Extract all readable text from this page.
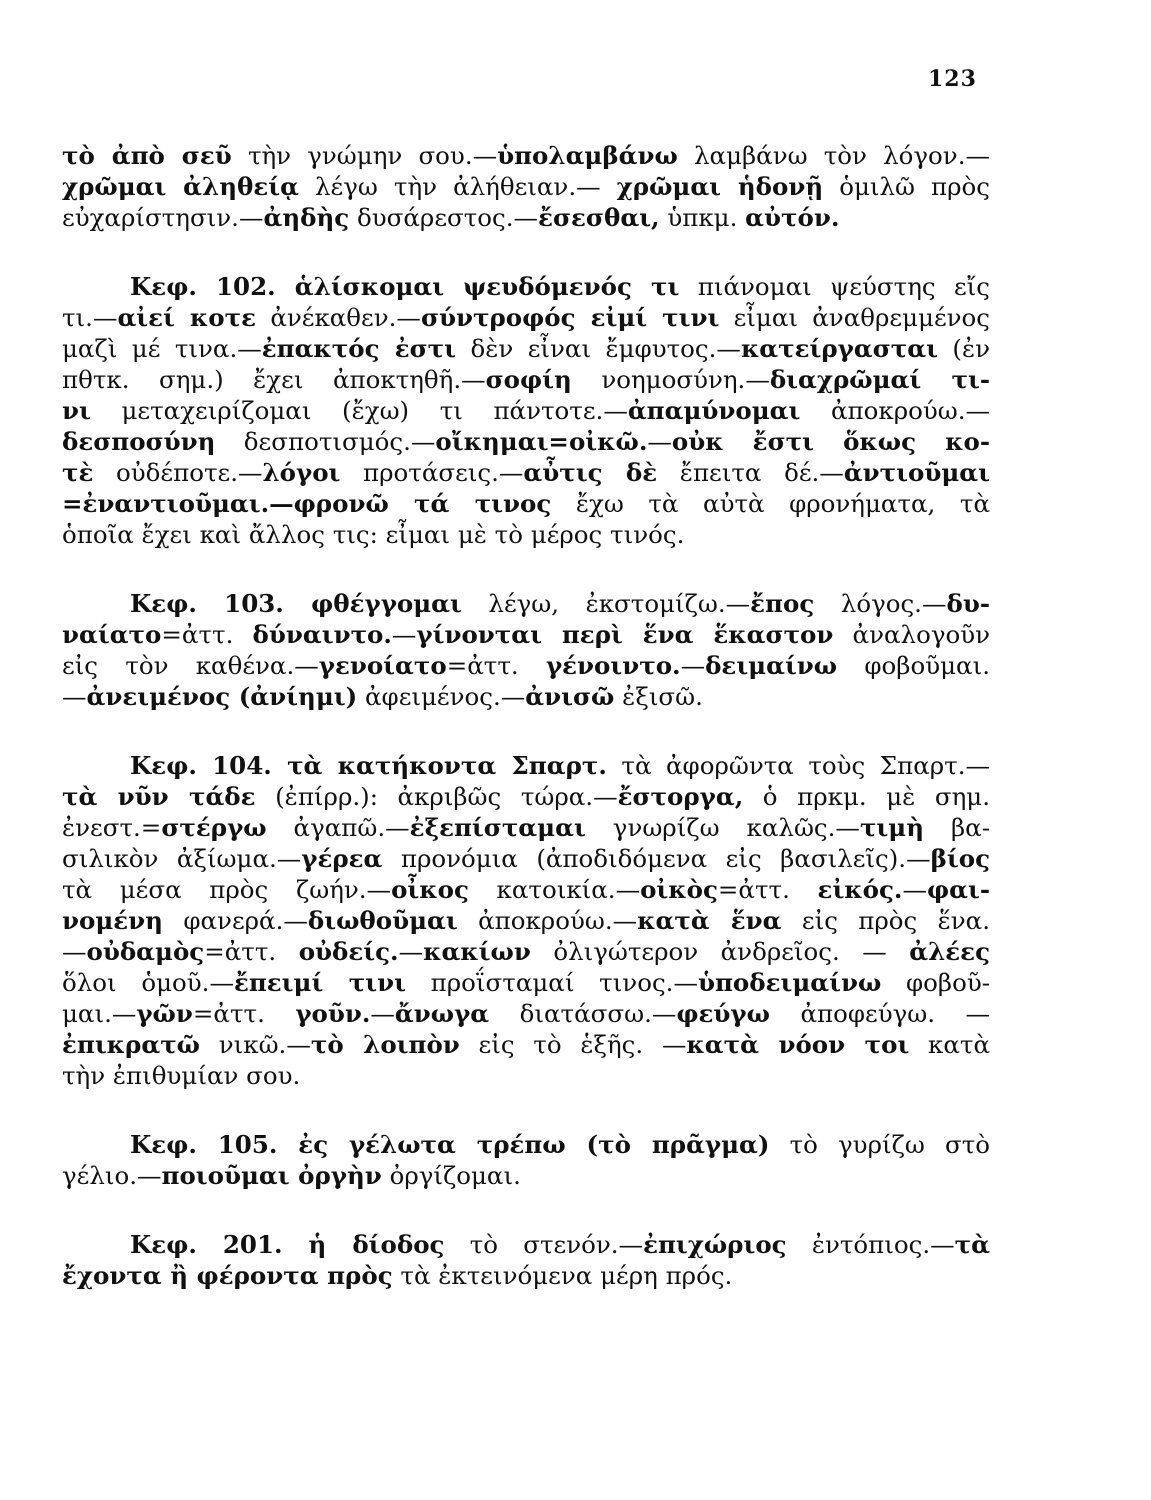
123
τὸ ἀπὸ σεῦ τὴν γνώμην σου.—ὑπολαμβάνω λαμβάνω τὸν λόγον.—
χρῶμαι ἀληθείᾳ λέγω τὴν ἀλήθειαν.— χρῶμαι ἡδονῇ ὁμιλῶ πρὸς
εὐχαρίστησιν.—ἀηδὴς δυσάρεστος.—ἔσεσθαι, ὑπκμ. αὐτόν.
Κεφ. 102. ἁλίσκομαι ψευδόμενός τι πιάνομαι ψεύστης εἴς
τι.—αἰεί κοτε ἀνέκαθεν.—σύντροφός εἰμί τινι εἶμαι ἀναθρεμμένος
μαζὶ μέ τινα.—ἐπακτός ἐστι δὲν εἶναι ἔμφυτος.—κατείργασται (ἐν
πθτκ. σημ.) ἔχει ἀποκτηθῆ.—σοφίη νοημοσύνη.—διαχρῶμαί τι-
νι μεταχειρίζομαι (ἔχω) τι πάντοτε.—ἀπαμύνομαι ἀποκρούω.—
δεσποσύνη δεσποτισμός.—οἴκημαι=οἰκῶ.—οὐκ ἔστι ὅκως κο-
τὲ οὐδέποτε.—λόγοι προτάσεις.—αὖτις δὲ ἔπειτα δέ.—ἀντιοῦμαι
=ἐναντιοῦμαι.—φρονῶ τά τινος ἔχω τὰ αὐτὰ φρονήματα, τὰ
ὁποῖα ἔχει καὶ ἄλλος τις: εἶμαι μὲ τὸ μέρος τινός.
Κεφ. 103. φθέγγομαι λέγω, ἐκστομίζω.—ἔπος λόγος.—δυ-
ναίατο=ἀττ. δύναιντο.—γίνονται περὶ ἕνα ἕκαστον ἀναλογοῦν
εἰς τὸν καθένα.—γενοίατο=ἀττ. γένοιντο.—δειμαίνω φοβοῦμαι.
—ἀνειμένος (ἀνίημι) ἀφειμένος.—ἀνισῶ ἐξισῶ.
Κεφ. 104. τὰ κατήκοντα Σπαρτ. τὰ ἀφορῶντα τοὺς Σπαρτ.—
τὰ νῦν τάδε (ἐπίρρ.): ἀκριβῶς τώρα.—ἔστοργα, ὁ πρκμ. μὲ σημ.
ἐνεστ.=στέργω ἀγαπῶ.—ἐξεπίσταμαι γνωρίζω καλῶς.—τιμὴ βα-
σιλικὸν ἀξίωμα.—γέρεα προνόμια (ἀποδιδόμενα εἰς βασιλεῖς).—βίος
τὰ μέσα πρὸς ζωήν.—οἶκος κατοικία.—οἰκὸς=ἀττ. εἰκός.—φαι-
νομένη φανερά.—διωθοῦμαι ἀποκρούω.—κατὰ ἕνα εἰς πρὸς ἕνα.
—οὐδαμὸς=ἀττ. οὐδείς.—κακίων ὀλιγώτερον ἀνδρεῖος. — ἀλέες
ὅλοι ὁμοῦ.—ἔπειμί τινι προΐσταμαί τινος.—ὑποδειμαίνω φοβοῦ-
μαι.—γῶν=ἀττ. γοῦν.—ἄνωγα διατάσσω.—φεύγω ἀποφεύγω. —
ἐπικρατῶ νικῶ.—τὸ λοιπὸν εἰς τὸ ἑξῆς. —κατὰ νόον τοι κατὰ
τὴν ἐπιθυμίαν σου.
Κεφ. 105. ἐς γέλωτα τρέπω (τὸ πρᾶγμα) τὸ γυρίζω στὸ
γέλιο.—ποιοῦμαι ὀργὴν ὀργίζομαι.
Κεφ. 201. ἡ δίοδος τὸ στενόν.—ἐπιχώριος ἐντόπιος.—τὰ
ἔχοντα ἢ φέροντα πρὸς τὰ ἐκτεινόμενα μέρη πρός.
